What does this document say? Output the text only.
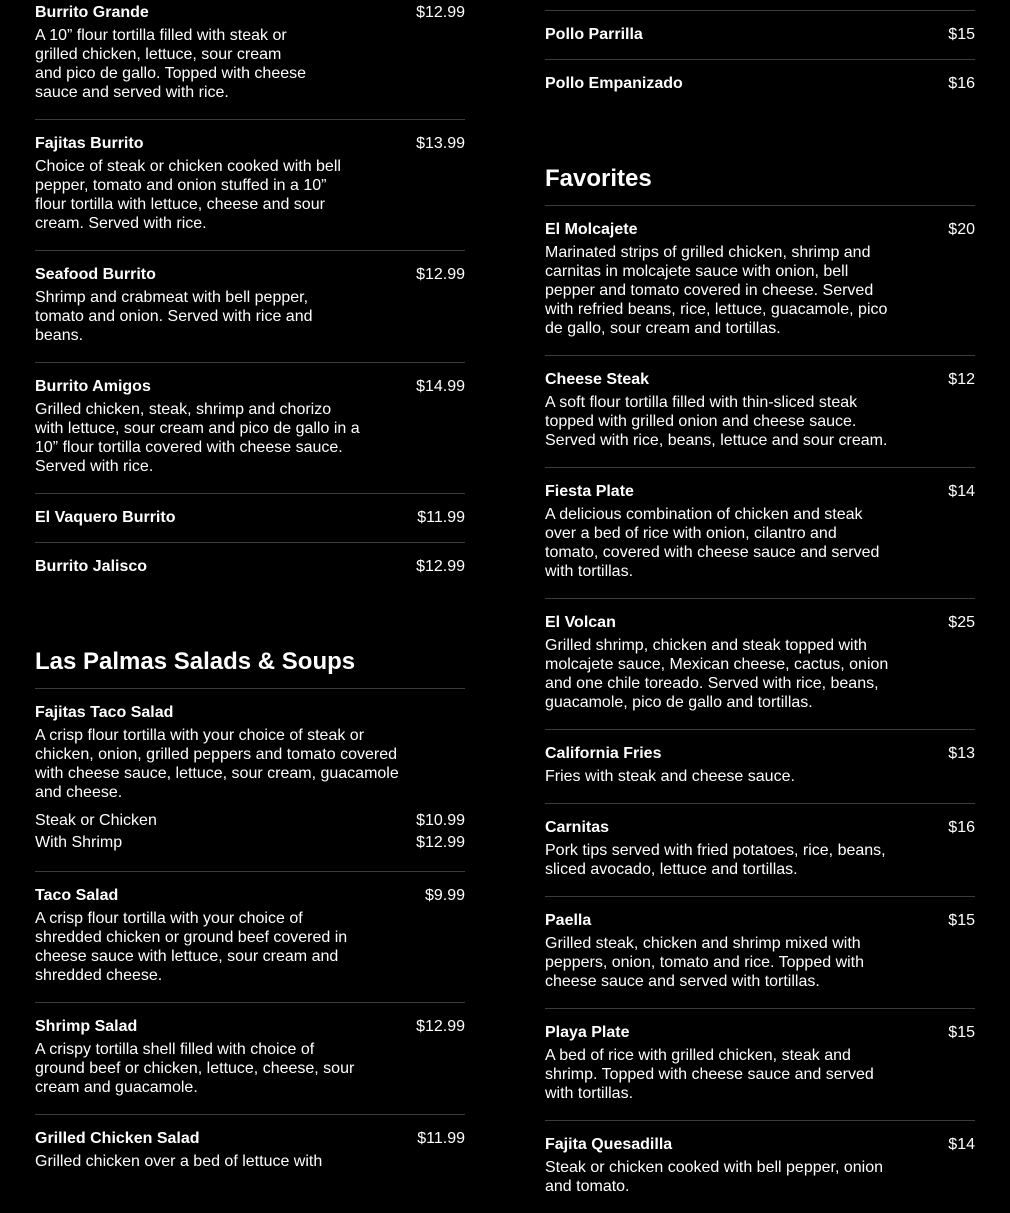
Burrito Grande	$12.99
A 10” flour tortilla filled with steak or grilled chicken, lettuce, sour cream and pico de gallo. Topped with cheese sauce and served with rice.
Fajitas Burrito	$13.99
Choice of steak or chicken cooked with bell pepper, tomato and onion stuffed in a 10” flour tortilla with lettuce, cheese and sour cream. Served with rice.
Seafood Burrito	$12.99
Shrimp and crabmeat with bell pepper, tomato and onion. Served with rice and beans.
Burrito Amigos	$14.99
Grilled chicken, steak, shrimp and chorizo with lettuce, sour cream and pico de gallo in a 10” flour tortilla covered with cheese sauce. Served with rice.
El Vaquero Burrito	$11.99
Burrito Jalisco	$12.99
Las Palmas Salads & Soups
Fajitas Taco Salad
A crisp flour tortilla with your choice of steak or chicken, onion, grilled peppers and tomato covered with cheese sauce, lettuce, sour cream, guacamole and cheese.
Steak or Chicken	$10.99
With Shrimp	$12.99
Taco Salad	$9.99
A crisp flour tortilla with your choice of shredded chicken or ground beef covered in cheese sauce with lettuce, sour cream and shredded cheese.
Shrimp Salad	$12.99
A crispy tortilla shell filled with choice of ground beef or chicken, lettuce, cheese, sour cream and guacamole.
Grilled Chicken Salad	$11.99
Grilled chicken over a bed of lettuce with
Pollo Parrilla	$15
Pollo Empanizado	$16
Favorites
El Molcajete	$20
Marinated strips of grilled chicken, shrimp and carnitas in molcajete sauce with onion, bell pepper and tomato covered in cheese. Served with refried beans, rice, lettuce, guacamole, pico de gallo, sour cream and tortillas.
Cheese Steak	$12
A soft flour tortilla filled with thin-sliced steak topped with grilled onion and cheese sauce. Served with rice, beans, lettuce and sour cream.
Fiesta Plate	$14
A delicious combination of chicken and steak over a bed of rice with onion, cilantro and tomato, covered with cheese sauce and served with tortillas.
El Volcan	$25
Grilled shrimp, chicken and steak topped with molcajete sauce, Mexican cheese, cactus, onion and one chile toreado. Served with rice, beans, guacamole, pico de gallo and tortillas.
California Fries	$13
Fries with steak and cheese sauce.
Carnitas	$16
Pork tips served with fried potatoes, rice, beans, sliced avocado, lettuce and tortillas.
Paella	$15
Grilled steak, chicken and shrimp mixed with peppers, onion, tomato and rice. Topped with cheese sauce and served with tortillas.
Playa Plate	$15
A bed of rice with grilled chicken, steak and shrimp. Topped with cheese sauce and served with tortillas.
Fajita Quesadilla	$14
Steak or chicken cooked with bell pepper, onion and tomato.
